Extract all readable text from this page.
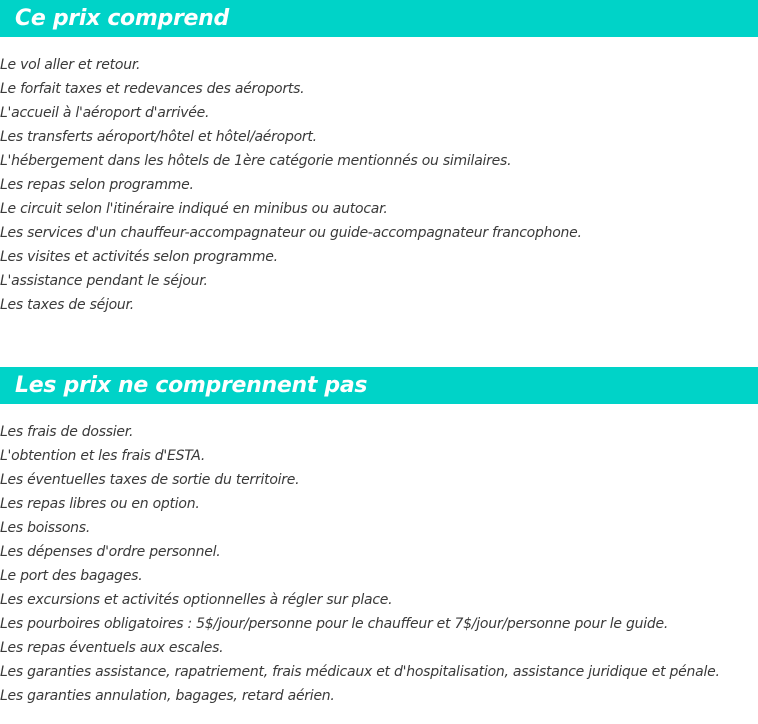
Ce prix comprend
Le vol aller et retour.
Le forfait taxes et redevances des aéroports.
L'accueil à l'aéroport d'arrivée.
Les transferts aéroport/hôtel et hôtel/aéroport.
L'hébergement dans les hôtels de 1ère catégorie mentionnés ou similaires.
Les repas selon programme.
Le circuit selon l'itinéraire indiqué en minibus ou autocar.
Les services d'un chauffeur-accompagnateur ou guide-accompagnateur francophone.
Les visites et activités selon programme.
L'assistance pendant le séjour.
Les taxes de séjour.
Les prix ne comprennent pas
Les frais de dossier.
L'obtention et les frais d'ESTA.
Les éventuelles taxes de sortie du territoire.
Les repas libres ou en option.
Les boissons.
Les dépenses d'ordre personnel.
Le port des bagages.
Les excursions et activités optionnelles à régler sur place.
Les pourboires obligatoires : 5$/jour/personne pour le chauffeur et 7$/jour/personne pour le guide.
Les repas éventuels aux escales.
Les garanties assistance, rapatriement, frais médicaux et d'hospitalisation, assistance juridique et pénale.
Les garanties annulation, bagages, retard aérien.
